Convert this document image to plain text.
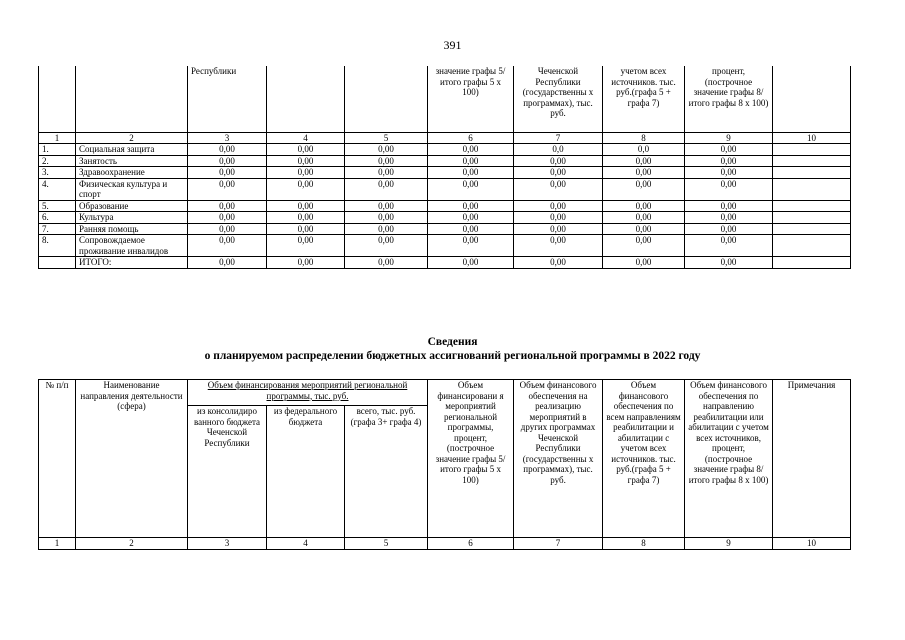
391
		Республики			значение графы 5/ итого графы 5 x 100)	Чеченской Республики (государственны х программах), тыс. руб.	учетом всех источников. тыс. руб.(графа 5 + графа 7)	процент, (построчное значение графы 8/ итого графы 8 x 100)	
1	2	3	4	5	6	7	8	9	10
1.	Социальная защита	0,00	0,00	0,00	0,00	0,0	0,0	0,00	
2.	Занятость	0,00	0,00	0,00	0,00	0,00	0,00	0,00	
3.	Здравоохранение	0,00	0,00	0,00	0,00	0,00	0,00	0,00	
4.	Физическая культура и спорт	0,00	0,00	0,00	0,00	0,00	0,00	0,00	
5.	Образование	0,00	0,00	0,00	0,00	0,00	0,00	0,00	
6.	Культура	0,00	0,00	0,00	0,00	0,00	0,00	0,00	
7.	Ранняя помощь	0,00	0,00	0,00	0,00	0,00	0,00	0,00	
8.	Сопровождаемое проживание инвалидов	0,00	0,00	0,00	0,00	0,00	0,00	0,00	
	ИТОГО:	0,00	0,00	0,00	0,00	0,00	0,00	0,00	
Сведения
о планируемом распределении бюджетных ассигнований региональной программы в 2022 году
№ п/п	Наименование направления деятельности (сфера)	Объем финансирования мероприятий региональной программы, тыс. руб.			Объем финансировани я мероприятий региональной программы, процент, (построчное значение графы 5/ итого графы 5 x 100)	Объем финансового обеспечения на реализацию мероприятий в других программах Чеченской Республики (государственны х программах), тыс. руб.	Объем финансового обеспечения по всем направлениям реабилитации и абилитации с учетом всех источников. тыс. руб.(графа 5 + графа 7)	Объем финансового обеспечения по направлению реабилитации или абилитации с учетом всех источников, процент, (построчное значение графы 8/ итого графы 8 x 100)	Примечания
		из консолидиро ванного бюджета Чеченской Республики	из федерального бюджета	всего, тыс. руб. (графа 3+ графа 4)					
1	2	3	4	5	6	7	8	9	10
